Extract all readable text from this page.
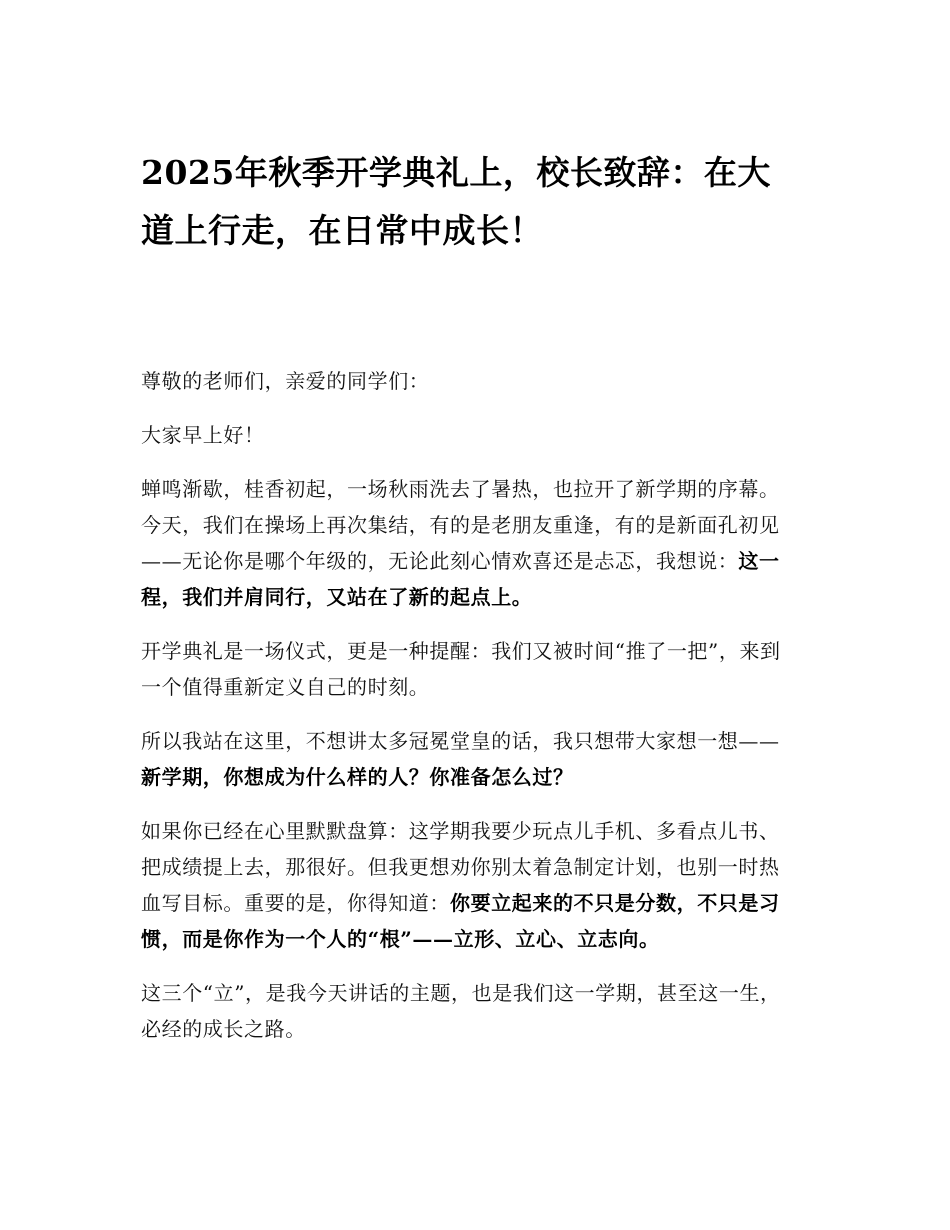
2025年秋季开学典礼上，校长致辞：在大道上行走，在日常中成长！

尊敬的老师们，亲爱的同学们：

大家早上好！

蝉鸣渐歇，桂香初起，一场秋雨洗去了暑热，也拉开了新学期的序幕。今天，我们在操场上再次集结，有的是老朋友重逢，有的是新面孔初见——无论你是哪个年级的，无论此刻心情欢喜还是忐忑，我想说：这一程，我们并肩同行，又站在了新的起点上。

开学典礼是一场仪式，更是一种提醒：我们又被时间“推了一把”，来到一个值得重新定义自己的时刻。

所以我站在这里，不想讲太多冠冕堂皇的话，我只想带大家想一想——新学期，你想成为什么样的人？你准备怎么过？

如果你已经在心里默默盘算：这学期我要少玩点儿手机、多看点儿书、把成绩提上去，那很好。但我更想劝你别太着急制定计划，也别一时热血写目标。重要的是，你得知道：你要立起来的不只是分数，不只是习惯，而是你作为一个人的“根”——立形、立心、立志向。

这三个“立”，是我今天讲话的主题，也是我们这一学期，甚至这一生，必经的成长之路。
